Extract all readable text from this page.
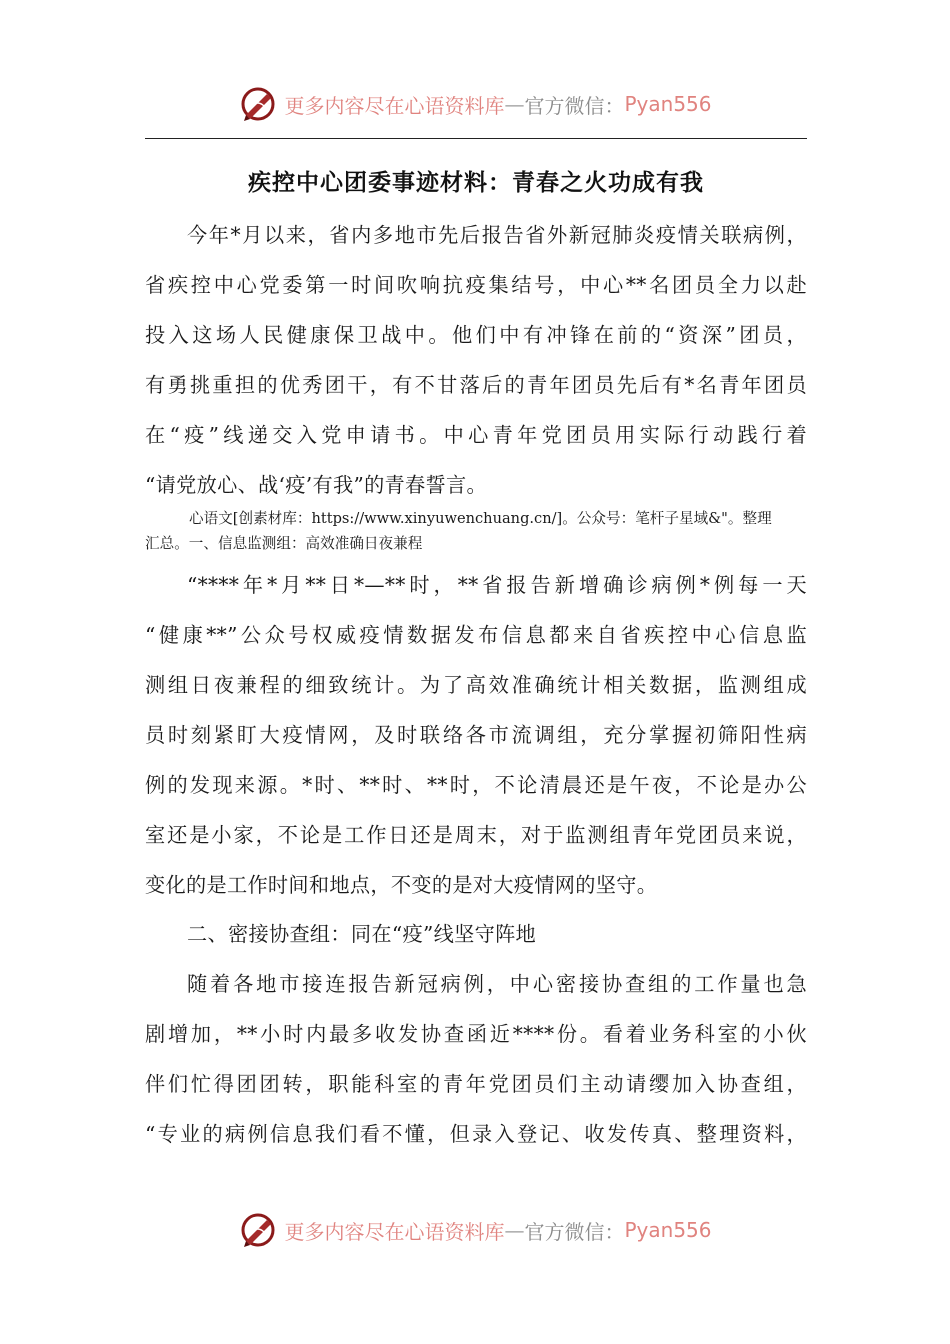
更多内容尽在心语资料库 — 官方微信： Pyan556
疾控中心团委事迹材料：青春之火功成有我
今年*月以来，省内多地市先后报告省外新冠肺炎疫情关联病例，
省疾控中心党委第一时间吹响抗疫集结号，中心**名团员全力以赴
投入这场人民健康保卫战中。他们中有冲锋在前的“资深”团员，
有勇挑重担的优秀团干，有不甘落后的青年团员先后有*名青年团员
在“疫”线递交入党申请书。中心青年党团员用实际行动践行着
“请党放心、战‘疫’有我”的青春誓言。
心语文[创素材库：https://www.xinyuwenchuang.cn/]。公众号：笔杆子星域&"。整理
汇总。一、信息监测组：高效准确日夜兼程
“****年*月**日*—**时，**省报告新增确诊病例*例每一天
“健康**”公众号权威疫情数据发布信息都来自省疾控中心信息监
测组日夜兼程的细致统计。为了高效准确统计相关数据，监测组成
员时刻紧盯大疫情网，及时联络各市流调组，充分掌握初筛阳性病
例的发现来源。*时、**时、**时，不论清晨还是午夜，不论是办公
室还是小家，不论是工作日还是周末，对于监测组青年党团员来说，
变化的是工作时间和地点，不变的是对大疫情网的坚守。
二、密接协查组：同在“疫”线坚守阵地
随着各地市接连报告新冠病例，中心密接协查组的工作量也急
剧增加，**小时内最多收发协查函近****份。看着业务科室的小伙
伴们忙得团团转，职能科室的青年党团员们主动请缨加入协查组，
“专业的病例信息我们看不懂，但录入登记、收发传真、整理资料，
更多内容尽在心语资料库 — 官方微信： Pyan556
